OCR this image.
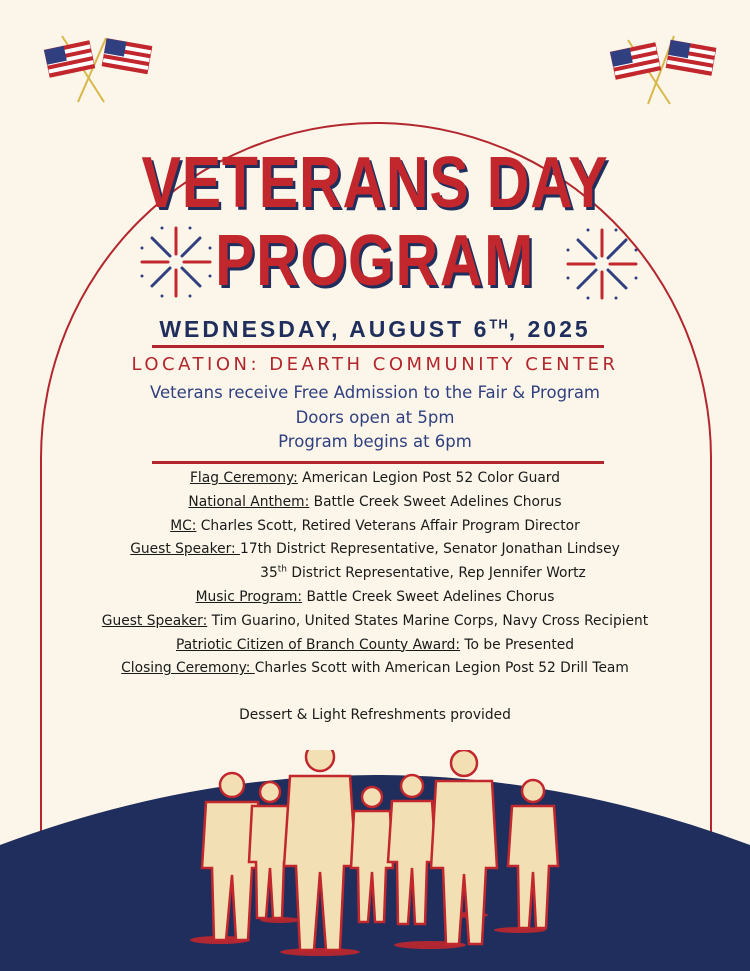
VETERANS DAY
PROGRAM

WEDNESDAY, AUGUST 6TH, 2025

LOCATION: DEARTH COMMUNITY CENTER
Veterans receive Free Admission to the Fair & Program
Doors open at 5pm
Program begins at 6pm
Flag Ceremony: American Legion Post 52 Color Guard
National Anthem: Battle Creek Sweet Adelines Chorus
MC: Charles Scott, Retired Veterans Affair Program Director
Guest Speaker: 17th District Representative, Senator Jonathan Lindsey
35th District Representative, Rep Jennifer Wortz
Music Program: Battle Creek Sweet Adelines Chorus
Guest Speaker: Tim Guarino, United States Marine Corps, Navy Cross Recipient
Patriotic Citizen of Branch County Award: To be Presented
Closing Ceremony: Charles Scott with American Legion Post 52 Drill Team
Dessert & Light Refreshments provided
